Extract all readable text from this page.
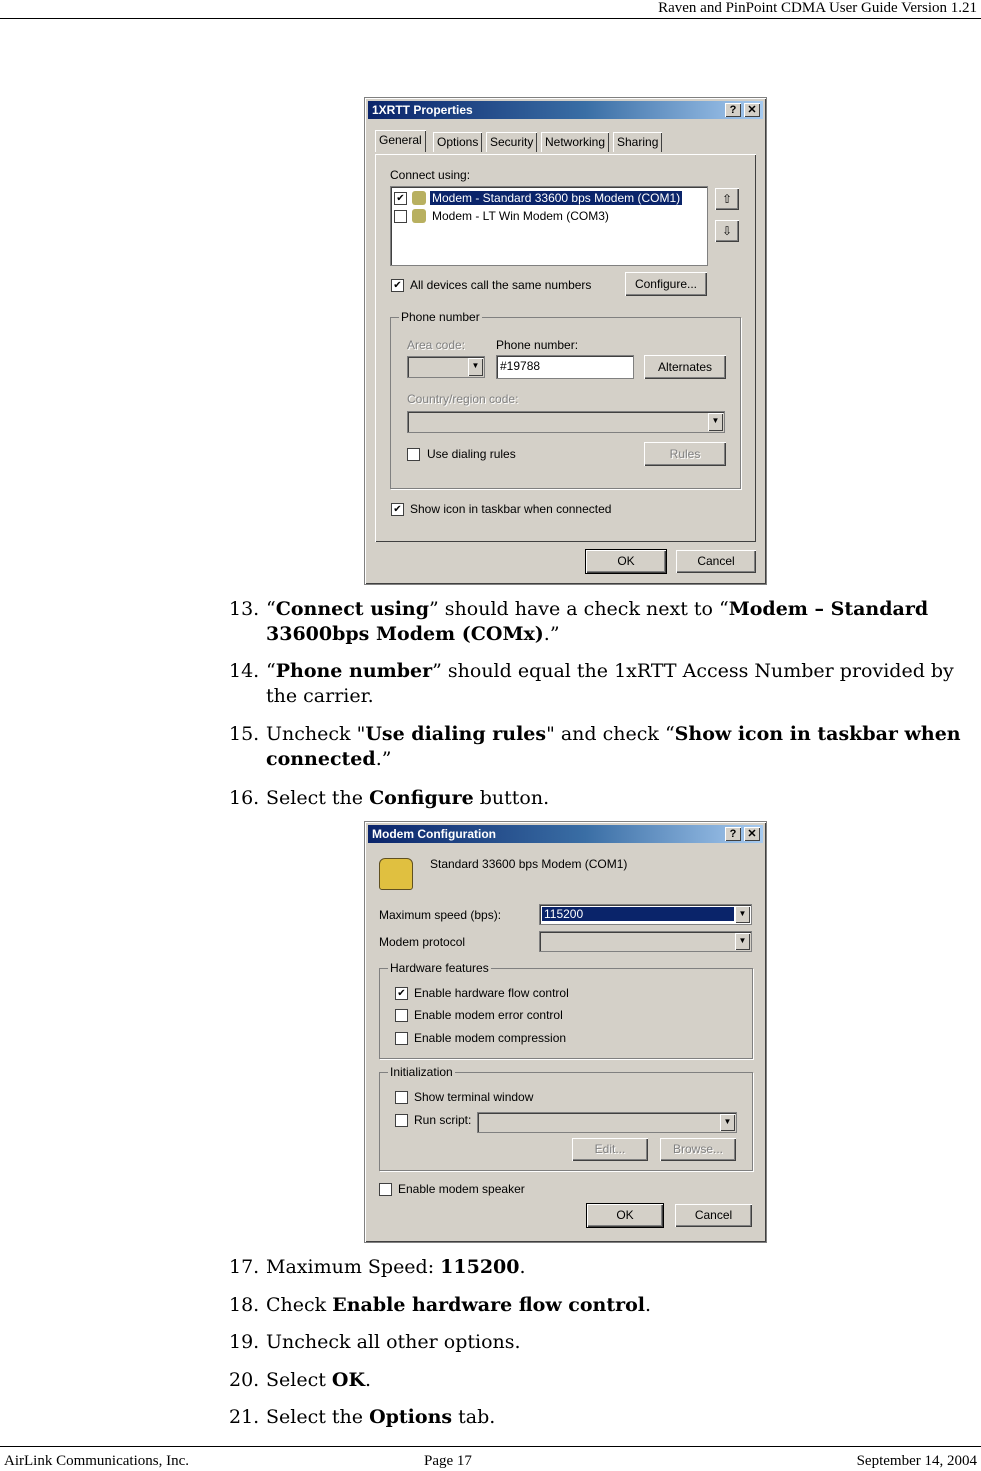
Raven and PinPoint CDMA User Guide Version 1.21
1XRTT Properties	?	✕
General	Options Security Networking Sharing
Connect using:
✔ Modem - Standard 33600 bps Modem (COM1)
Modem - LT Win Modem (COM3)
⇧
⇩
✔ All devices call the same numbers	Configure...
Phone number
Area code:
▼
Phone number:
#19788	Alternates
Country/region code:
▼
Use dialing rules	Rules
✔ Show icon in taskbar when connected
OK	Cancel
13. “Connect using” should have a check next to “Modem – Standard
33600bps Modem (COMx).”
14. “Phone number” should equal the 1xRTT Access Number provided by
the carrier.
15. Uncheck "Use dialing rules" and check “Show icon in taskbar when
connected.”
16. Select the Configure button.
Modem Configuration	?	✕
Standard 33600 bps Modem (COM1)
Maximum speed (bps):	115200	▼
Modem protocol	▼
Hardware features
✔ Enable hardware flow control
Enable modem error control
Enable modem compression
Initialization
Show terminal window
Run script:	▼
Edit...	Browse...
Enable modem speaker
OK	Cancel
17. Maximum Speed: 115200.
18. Check Enable hardware flow control.
19. Uncheck all other options.
20. Select OK.
21. Select the Options tab.
AirLink Communications, Inc.	Page 17	September 14, 2004
